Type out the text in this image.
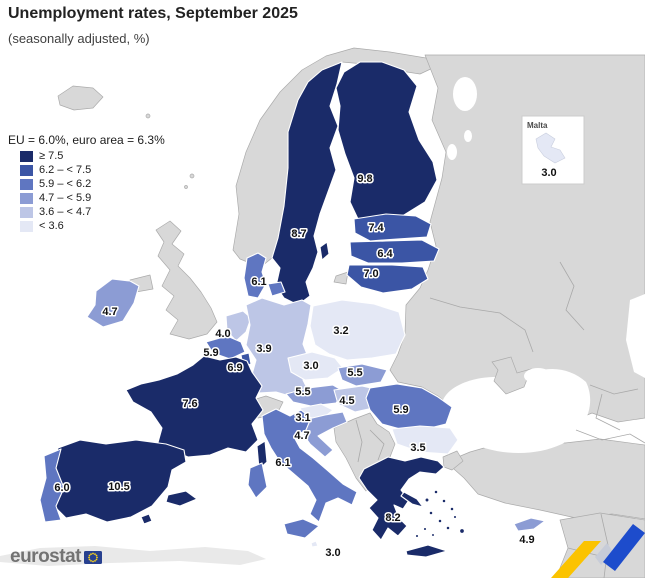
8.7
9.8
7.4
6.4
7.0
6.1
4.7
4.0
5.9
6.9
3.9
7.6
3.2
3.0
5.5
5.5
4.5
3.1
4.7
5.9
3.5
6.1
10.5
6.0
8.2
4.9
3.0
Malta
3.0
Unemployment rates, September 2025
(seasonally adjusted, %)
EU = 6.0%, euro area = 6.3%
≥ 7.5
6.2 – < 7.5
5.9 – < 6.2
4.7 – < 5.9
3.6 – < 4.7
< 3.6
eurostat
